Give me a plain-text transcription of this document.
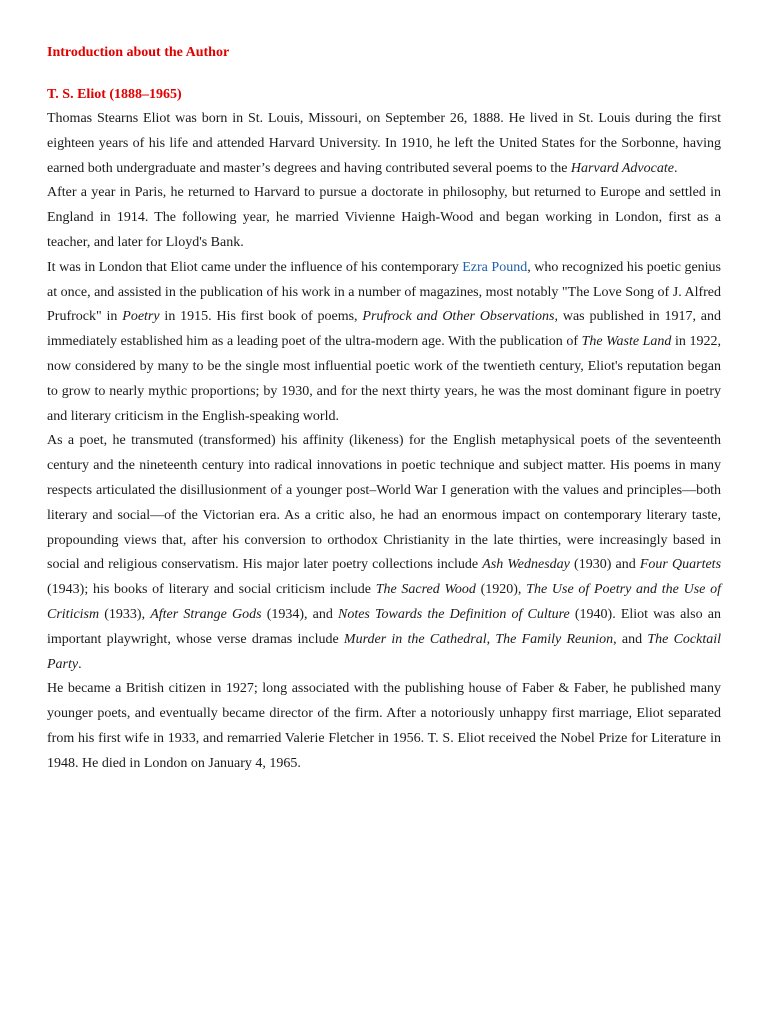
Introduction about the Author

T. S. Eliot (1888–1965)

Thomas Stearns Eliot was born in St. Louis, Missouri, on September 26, 1888. He lived in St. Louis during the first eighteen years of his life and attended Harvard University. In 1910, he left the United States for the Sorbonne, having earned both undergraduate and master’s degrees and having contributed several poems to the Harvard Advocate.

After a year in Paris, he returned to Harvard to pursue a doctorate in philosophy, but returned to Europe and settled in England in 1914. The following year, he married Vivienne Haigh-Wood and began working in London, first as a teacher, and later for Lloyd's Bank.

It was in London that Eliot came under the influence of his contemporary Ezra Pound, who recognized his poetic genius at once, and assisted in the publication of his work in a number of magazines, most notably "The Love Song of J. Alfred Prufrock" in Poetry in 1915. His first book of poems, Prufrock and Other Observations, was published in 1917, and immediately established him as a leading poet of the ultra-modern age. With the publication of The Waste Land in 1922, now considered by many to be the single most influential poetic work of the twentieth century, Eliot's reputation began to grow to nearly mythic proportions; by 1930, and for the next thirty years, he was the most dominant figure in poetry and literary criticism in the English-speaking world.

As a poet, he transmuted (transformed) his affinity (likeness) for the English metaphysical poets of the seventeenth century and the nineteenth century into radical innovations in poetic technique and subject matter. His poems in many respects articulated the disillusionment of a younger post–World War I generation with the values and principles—both literary and social—of the Victorian era. As a critic also, he had an enormous impact on contemporary literary taste, propounding views that, after his conversion to orthodox Christianity in the late thirties, were increasingly based in social and religious conservatism. His major later poetry collections include Ash Wednesday (1930) and Four Quartets (1943); his books of literary and social criticism include The Sacred Wood (1920), The Use of Poetry and the Use of Criticism (1933), After Strange Gods (1934), and Notes Towards the Definition of Culture (1940). Eliot was also an important playwright, whose verse dramas include Murder in the Cathedral, The Family Reunion, and The Cocktail Party.

He became a British citizen in 1927; long associated with the publishing house of Faber & Faber, he published many younger poets, and eventually became director of the firm. After a notoriously unhappy first marriage, Eliot separated from his first wife in 1933, and remarried Valerie Fletcher in 1956. T. S. Eliot received the Nobel Prize for Literature in 1948. He died in London on January 4, 1965.
